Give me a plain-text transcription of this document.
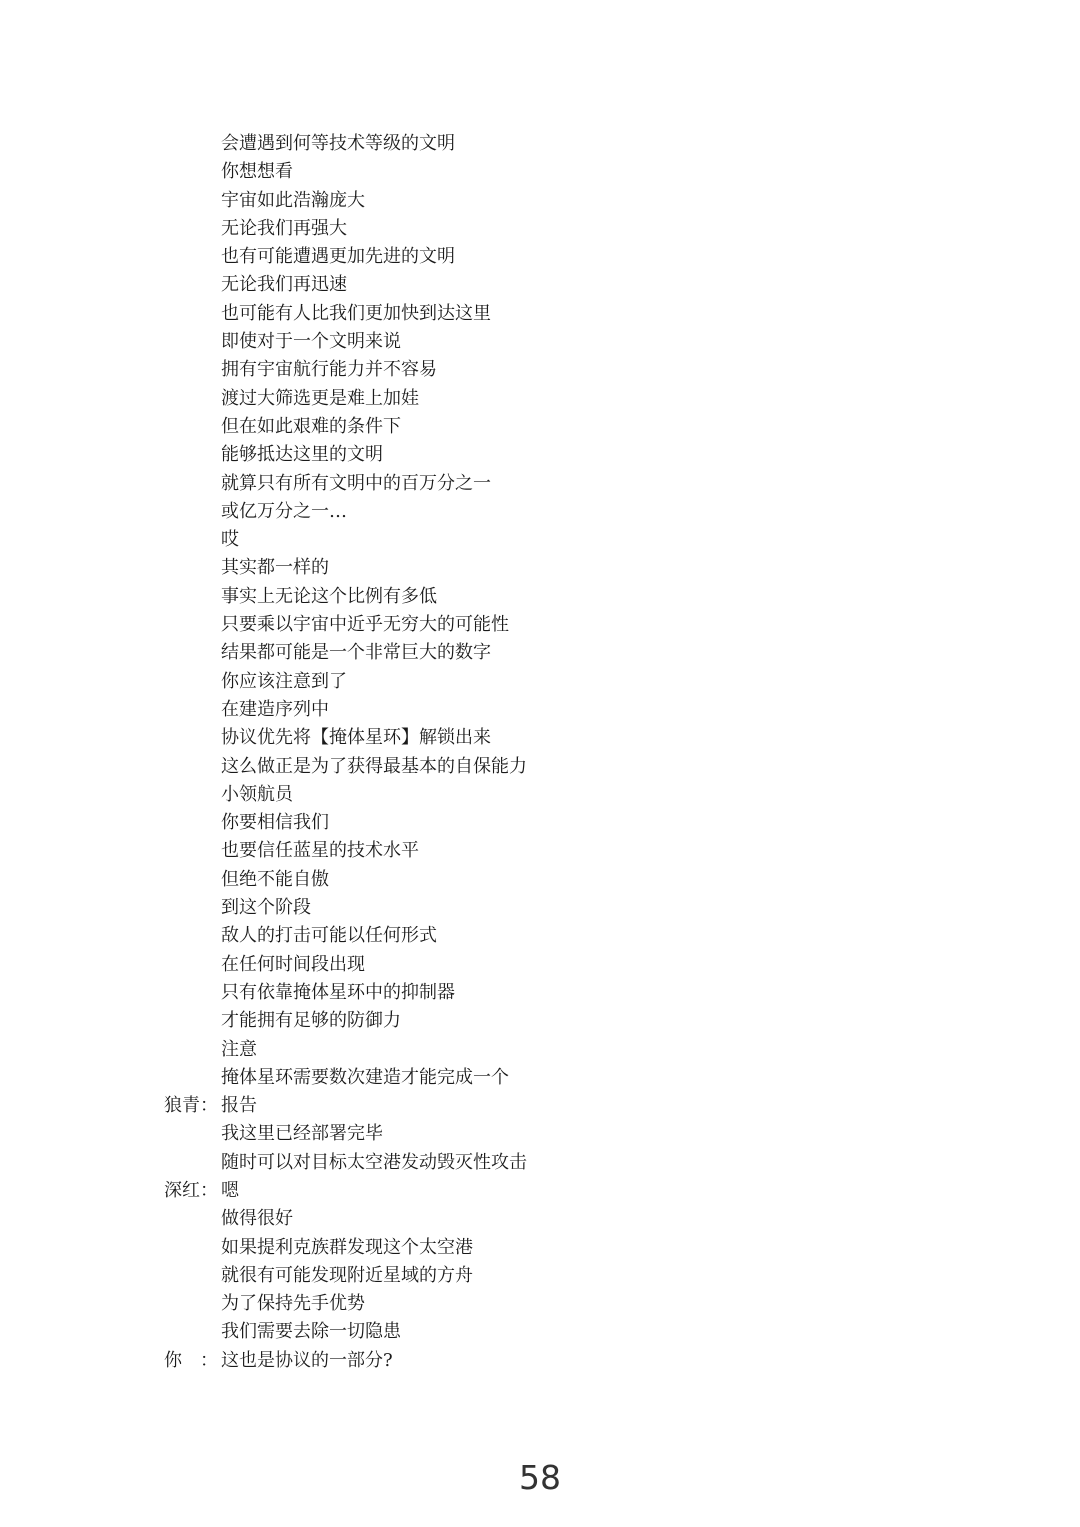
会遭遇到何等技术等级的文明
你想想看
宇宙如此浩瀚庞大
无论我们再强大
也有可能遭遇更加先进的文明
无论我们再迅速
也可能有人比我们更加快到达这里
即使对于一个文明来说
拥有宇宙航行能力并不容易
渡过大筛选更是难上加娃
但在如此艰难的条件下
能够抵达这里的文明
就算只有所有文明中的百万分之一
或亿万分之一…
哎
其实都一样的
事实上无论这个比例有多低
只要乘以宇宙中近乎无穷大的可能性
结果都可能是一个非常巨大的数字
你应该注意到了
在建造序列中
协议优先将【掩体星环】解锁出来
这么做正是为了获得最基本的自保能力
小领航员
你要相信我们
也要信任蓝星的技术水平
但绝不能自傲
到这个阶段
敌人的打击可能以任何形式
在任何时间段出现
只有依靠掩体星环中的抑制器
才能拥有足够的防御力
注意
掩体星环需要数次建造才能完成一个
狼青： 报告
我这里已经部署完毕
随时可以对目标太空港发动毁灭性攻击
深红： 嗯
做得很好
如果提利克族群发现这个太空港
就很有可能发现附近星域的方舟
为了保持先手优势
我们需要去除一切隐患
你　： 这也是协议的一部分?
58
